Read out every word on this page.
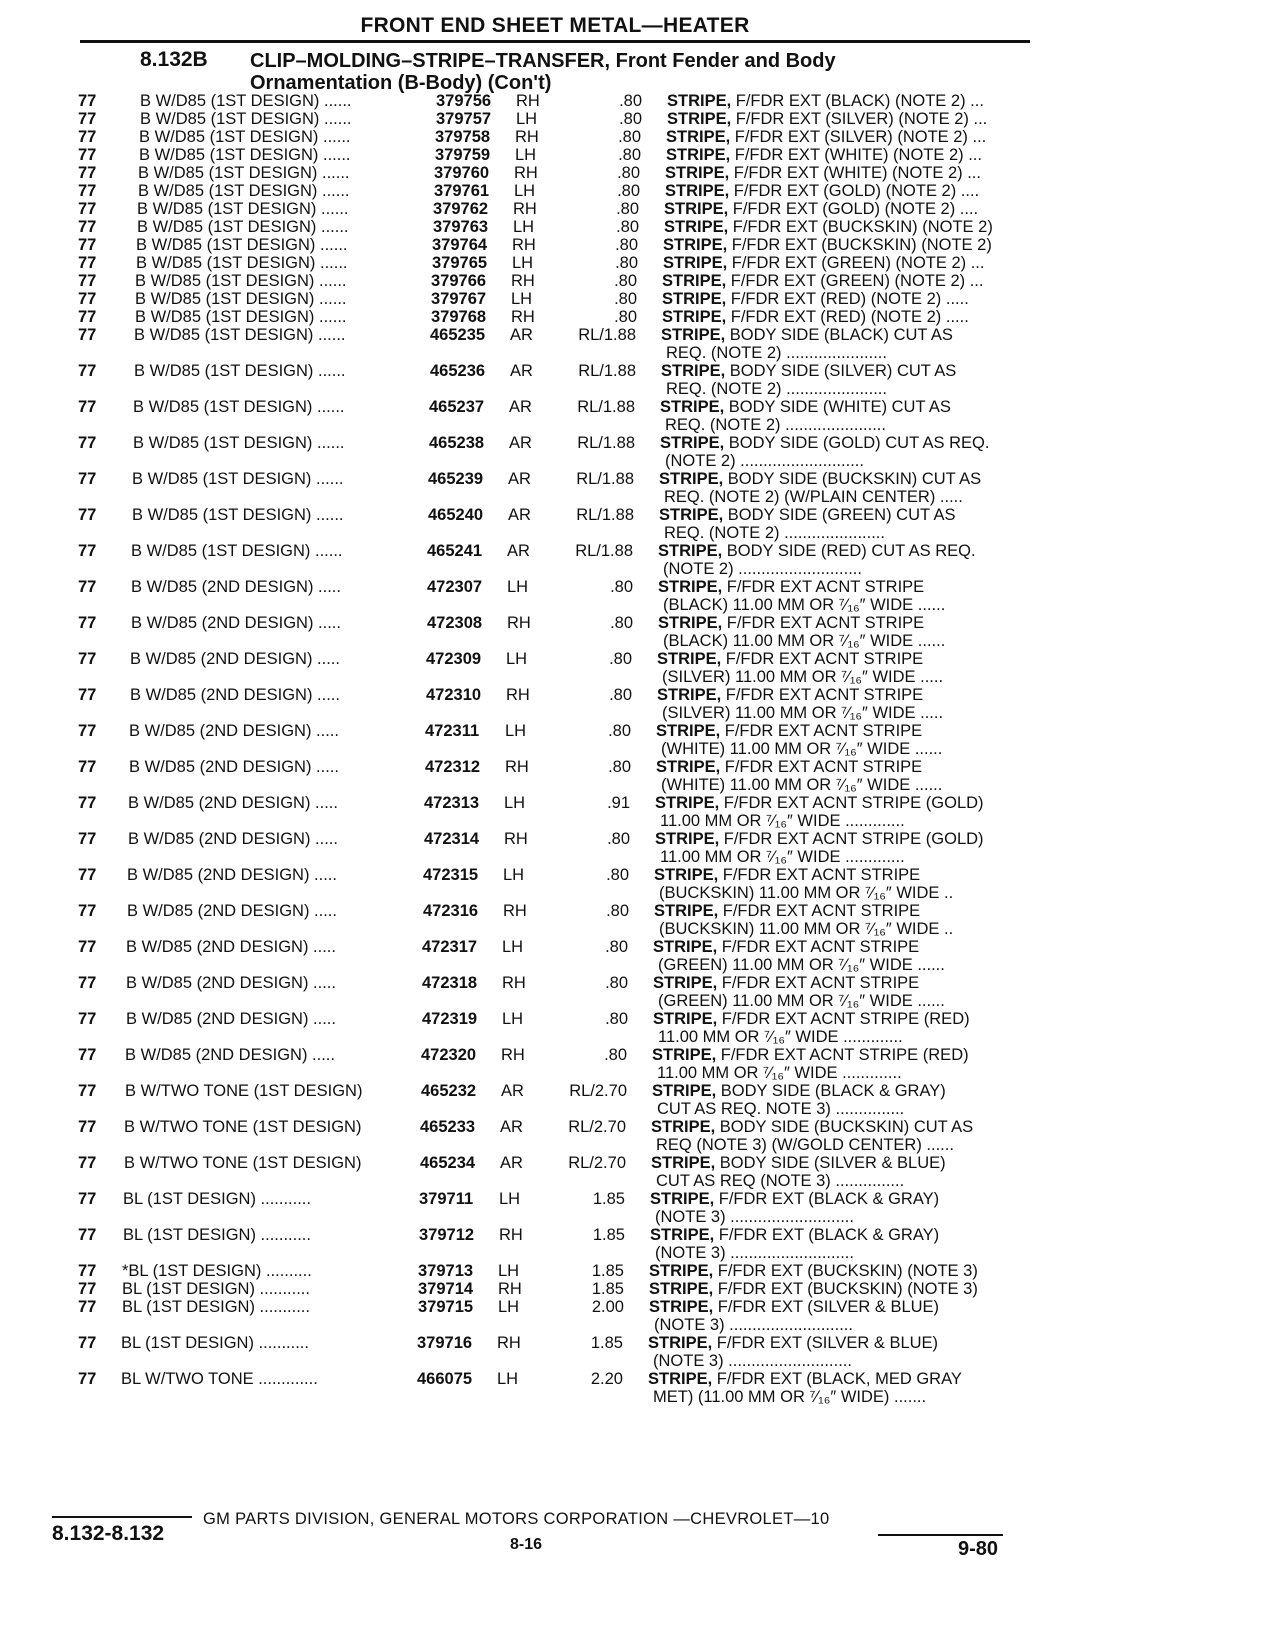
FRONT END SHEET METAL—HEATER
8.132B CLIP–MOLDING–STRIPE–TRANSFER, Front Fender and Body
Ornamentation (B-Body) (Con't)
77	B W/D85 (1ST DESIGN) ......	379756 RH	.80 STRIPE, F/FDR EXT (BLACK) (NOTE 2) ...
77	B W/D85 (1ST DESIGN) ......	379757 LH	.80 STRIPE, F/FDR EXT (SILVER) (NOTE 2) ...
77	B W/D85 (1ST DESIGN) ......	379758 RH	.80 STRIPE, F/FDR EXT (SILVER) (NOTE 2) ...
77	B W/D85 (1ST DESIGN) ......	379759 LH	.80 STRIPE, F/FDR EXT (WHITE) (NOTE 2) ...
77	B W/D85 (1ST DESIGN) ......	379760 RH	.80 STRIPE, F/FDR EXT (WHITE) (NOTE 2) ...
77	B W/D85 (1ST DESIGN) ......	379761 LH	.80 STRIPE, F/FDR EXT (GOLD) (NOTE 2) ....
77 B W/D85 (1ST DESIGN) ......	379762 RH	.80 STRIPE, F/FDR EXT (GOLD) (NOTE 2) ....
77 B W/D85 (1ST DESIGN) ......	379763 LH	.80 STRIPE, F/FDR EXT (BUCKSKIN) (NOTE 2)
77 B W/D85 (1ST DESIGN) ......	379764 RH	.80 STRIPE, F/FDR EXT (BUCKSKIN) (NOTE 2)
77 B W/D85 (1ST DESIGN) ......	379765 LH	.80 STRIPE, F/FDR EXT (GREEN) (NOTE 2) ...
77 B W/D85 (1ST DESIGN) ......	379766 RH	.80 STRIPE, F/FDR EXT (GREEN) (NOTE 2) ...
77 B W/D85 (1ST DESIGN) ......	379767 LH	.80 STRIPE, F/FDR EXT (RED) (NOTE 2) .....
77 B W/D85 (1ST DESIGN) ......	379768 RH	.80 STRIPE, F/FDR EXT (RED) (NOTE 2) .....
77 B W/D85 (1ST DESIGN) ......	465235 AR	RL/1.88 STRIPE, BODY SIDE (BLACK) CUT AS
REQ. (NOTE 2) ......................
77 B W/D85 (1ST DESIGN) ......	465236 AR	RL/1.88 STRIPE, BODY SIDE (SILVER) CUT AS
REQ. (NOTE 2) ......................
77 B W/D85 (1ST DESIGN) ......	465237 AR	RL/1.88 STRIPE, BODY SIDE (WHITE) CUT AS
REQ. (NOTE 2) ......................
77 B W/D85 (1ST DESIGN) ......	465238 AR	RL/1.88 STRIPE, BODY SIDE (GOLD) CUT AS REQ.
(NOTE 2) ...........................
77 B W/D85 (1ST DESIGN) ......	465239 AR	RL/1.88 STRIPE, BODY SIDE (BUCKSKIN) CUT AS
REQ. (NOTE 2) (W/PLAIN CENTER) .....
77 B W/D85 (1ST DESIGN) ......	465240 AR	RL/1.88 STRIPE, BODY SIDE (GREEN) CUT AS
REQ. (NOTE 2) ......................
77 B W/D85 (1ST DESIGN) ......	465241 AR	RL/1.88 STRIPE, BODY SIDE (RED) CUT AS REQ.
(NOTE 2) ...........................
77 B W/D85 (2ND DESIGN) .....	472307 LH	.80 STRIPE, F/FDR EXT ACNT STRIPE
(BLACK) 11.00 MM OR ⁷⁄₁₆″ WIDE ......
77 B W/D85 (2ND DESIGN) .....	472308 RH	.80 STRIPE, F/FDR EXT ACNT STRIPE
(BLACK) 11.00 MM OR ⁷⁄₁₆″ WIDE ......
77 B W/D85 (2ND DESIGN) .....	472309 LH	.80 STRIPE, F/FDR EXT ACNT STRIPE
(SILVER) 11.00 MM OR ⁷⁄₁₆″ WIDE .....
77 B W/D85 (2ND DESIGN) .....	472310 RH	.80 STRIPE, F/FDR EXT ACNT STRIPE
(SILVER) 11.00 MM OR ⁷⁄₁₆″ WIDE .....
77 B W/D85 (2ND DESIGN) .....	472311 LH	.80 STRIPE, F/FDR EXT ACNT STRIPE
(WHITE) 11.00 MM OR ⁷⁄₁₆″ WIDE ......
77 B W/D85 (2ND DESIGN) .....	472312 RH	.80 STRIPE, F/FDR EXT ACNT STRIPE
(WHITE) 11.00 MM OR ⁷⁄₁₆″ WIDE ......
77 B W/D85 (2ND DESIGN) .....	472313 LH	.91 STRIPE, F/FDR EXT ACNT STRIPE (GOLD)
11.00 MM OR ⁷⁄₁₆″ WIDE .............
77 B W/D85 (2ND DESIGN) .....	472314 RH	.80 STRIPE, F/FDR EXT ACNT STRIPE (GOLD)
11.00 MM OR ⁷⁄₁₆″ WIDE .............
77 B W/D85 (2ND DESIGN) .....	472315 LH	.80 STRIPE, F/FDR EXT ACNT STRIPE
(BUCKSKIN) 11.00 MM OR ⁷⁄₁₆″ WIDE ..
77 B W/D85 (2ND DESIGN) .....	472316 RH	.80 STRIPE, F/FDR EXT ACNT STRIPE
(BUCKSKIN) 11.00 MM OR ⁷⁄₁₆″ WIDE ..
77 B W/D85 (2ND DESIGN) .....	472317 LH	.80 STRIPE, F/FDR EXT ACNT STRIPE
(GREEN) 11.00 MM OR ⁷⁄₁₆″ WIDE ......
77 B W/D85 (2ND DESIGN) .....	472318 RH	.80 STRIPE, F/FDR EXT ACNT STRIPE
(GREEN) 11.00 MM OR ⁷⁄₁₆″ WIDE ......
77 B W/D85 (2ND DESIGN) .....	472319 LH	.80 STRIPE, F/FDR EXT ACNT STRIPE (RED)
11.00 MM OR ⁷⁄₁₆″ WIDE .............
77 B W/D85 (2ND DESIGN) .....	472320 RH	.80 STRIPE, F/FDR EXT ACNT STRIPE (RED)
11.00 MM OR ⁷⁄₁₆″ WIDE .............
77 B W/TWO TONE (1ST DESIGN)	465232 AR	RL/2.70 STRIPE, BODY SIDE (BLACK & GRAY)
CUT AS REQ. NOTE 3) ...............
77 B W/TWO TONE (1ST DESIGN)	465233 AR	RL/2.70 STRIPE, BODY SIDE (BUCKSKIN) CUT AS
REQ (NOTE 3) (W/GOLD CENTER) ......
77 B W/TWO TONE (1ST DESIGN)	465234 AR	RL/2.70 STRIPE, BODY SIDE (SILVER & BLUE)
CUT AS REQ (NOTE 3) ...............
77 BL (1ST DESIGN) ...........	379711 LH	1.85 STRIPE, F/FDR EXT (BLACK & GRAY)
(NOTE 3) ...........................
77 BL (1ST DESIGN) ...........	379712 RH	1.85 STRIPE, F/FDR EXT (BLACK & GRAY)
(NOTE 3) ...........................
77 *BL (1ST DESIGN) ..........	379713 LH	1.85 STRIPE, F/FDR EXT (BUCKSKIN) (NOTE 3)
77 BL (1ST DESIGN) ...........	379714 RH	1.85 STRIPE, F/FDR EXT (BUCKSKIN) (NOTE 3)
77 BL (1ST DESIGN) ...........	379715 LH	2.00 STRIPE, F/FDR EXT (SILVER & BLUE)
(NOTE 3) ...........................
77 BL (1ST DESIGN) ...........	379716 RH	1.85 STRIPE, F/FDR EXT (SILVER & BLUE)
(NOTE 3) ...........................
77 BL W/TWO TONE .............	466075 LH	2.20 STRIPE, F/FDR EXT (BLACK, MED GRAY
MET) (11.00 MM OR ⁷⁄₁₆″ WIDE) .......
8.132-8.132
GM PARTS DIVISION, GENERAL MOTORS CORPORATION —CHEVROLET—10
8-16	9-80
